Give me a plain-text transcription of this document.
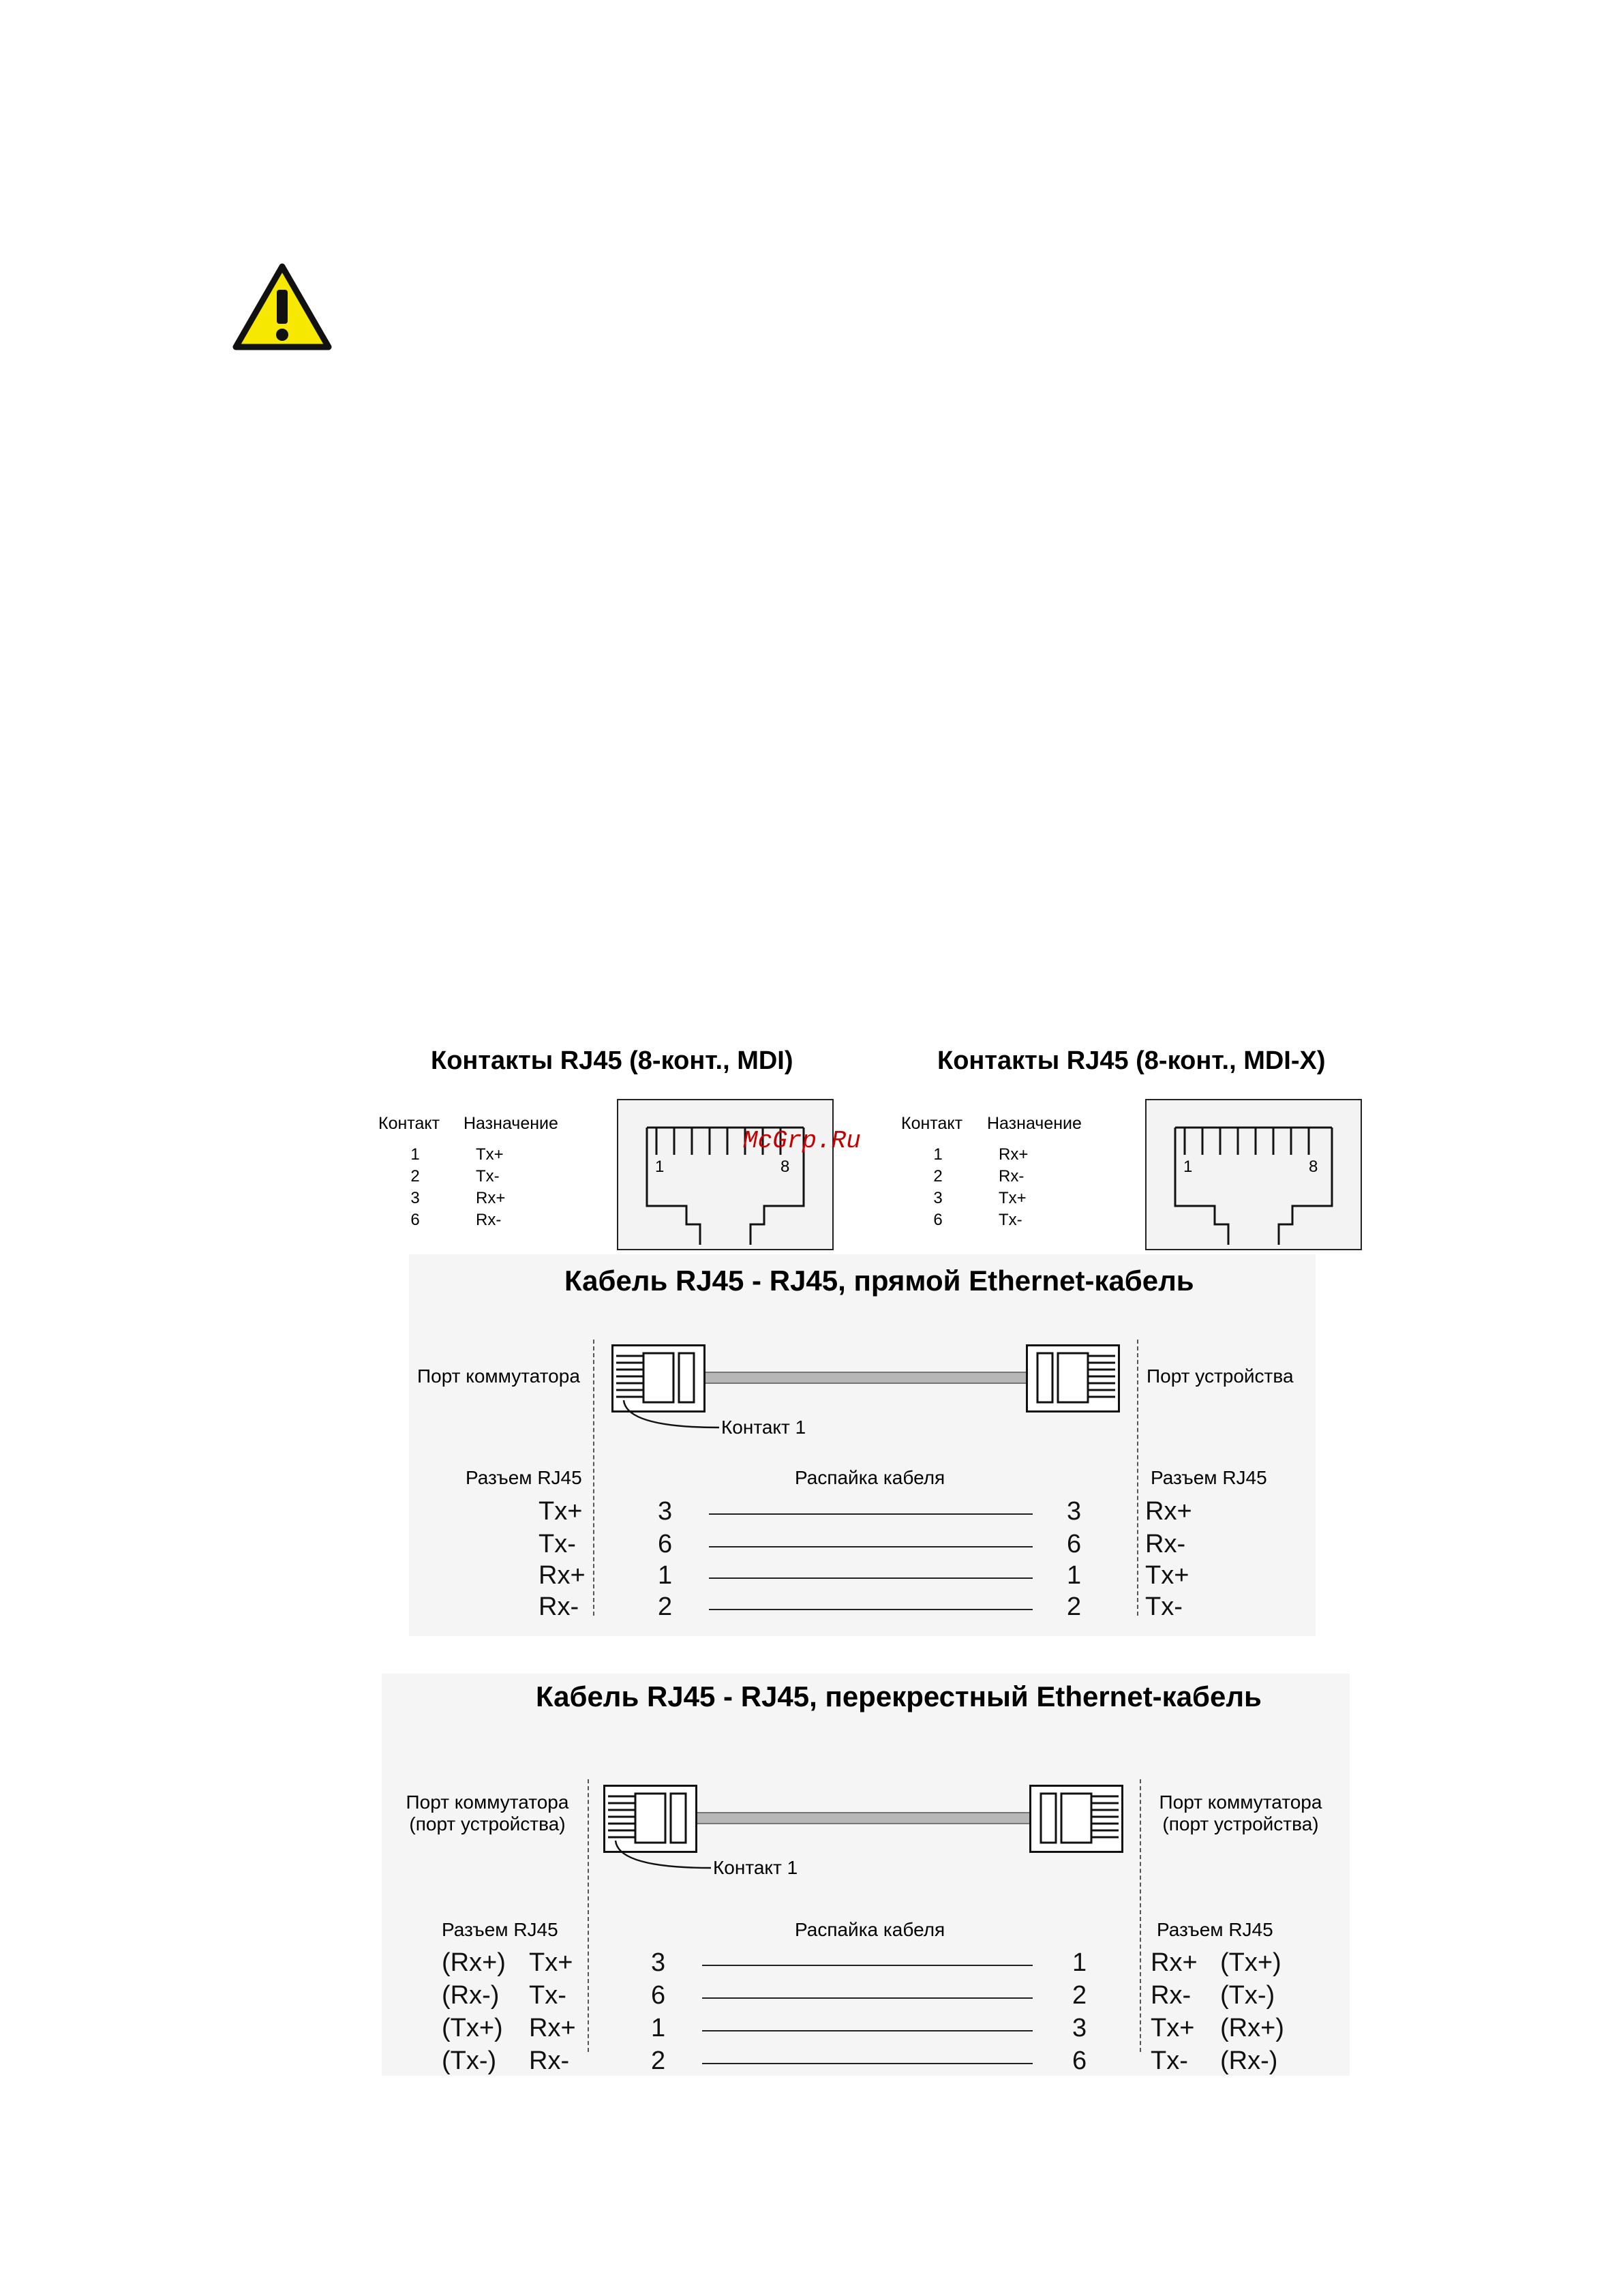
Контакты RJ45 (8-конт., MDI)
Контакт Назначение
1	Tx+
2	Tx-
3	Rx+
6	Rx-
1	8
McGrp.Ru
Контакты RJ45 (8-конт., MDI-X)
Контакт Назначение
1	Rx+
2	Rx-
3	Tx+
6	Tx-
1	8
Кабель RJ45 - RJ45, прямой Ethernet-кабель
Порт коммутатора	Порт устройства
Контакт 1
Разъем RJ45	Распайка кабеля	Разъем RJ45
Tx+	3	3 Rx+
Tx-	6	6 Rx-
Rx+	1	1 Tx+
Rx-	2	2 Tx-
Кабель RJ45 - RJ45, перекрестный Ethernet-кабель
Порт коммутатора
(порт устройства)
Порт коммутатора
(порт устройства)
Контакт 1
Разъем RJ45	Распайка кабеля	Разъем RJ45
(Rx+) Tx+	3	1 Rx+ (Tx+)
(Rx-) Tx-	6	2 Rx- (Tx-)
(Tx+) Rx+	1	3 Tx+ (Rx+)
(Tx-) Rx-	2	6 Tx- (Rx-)
